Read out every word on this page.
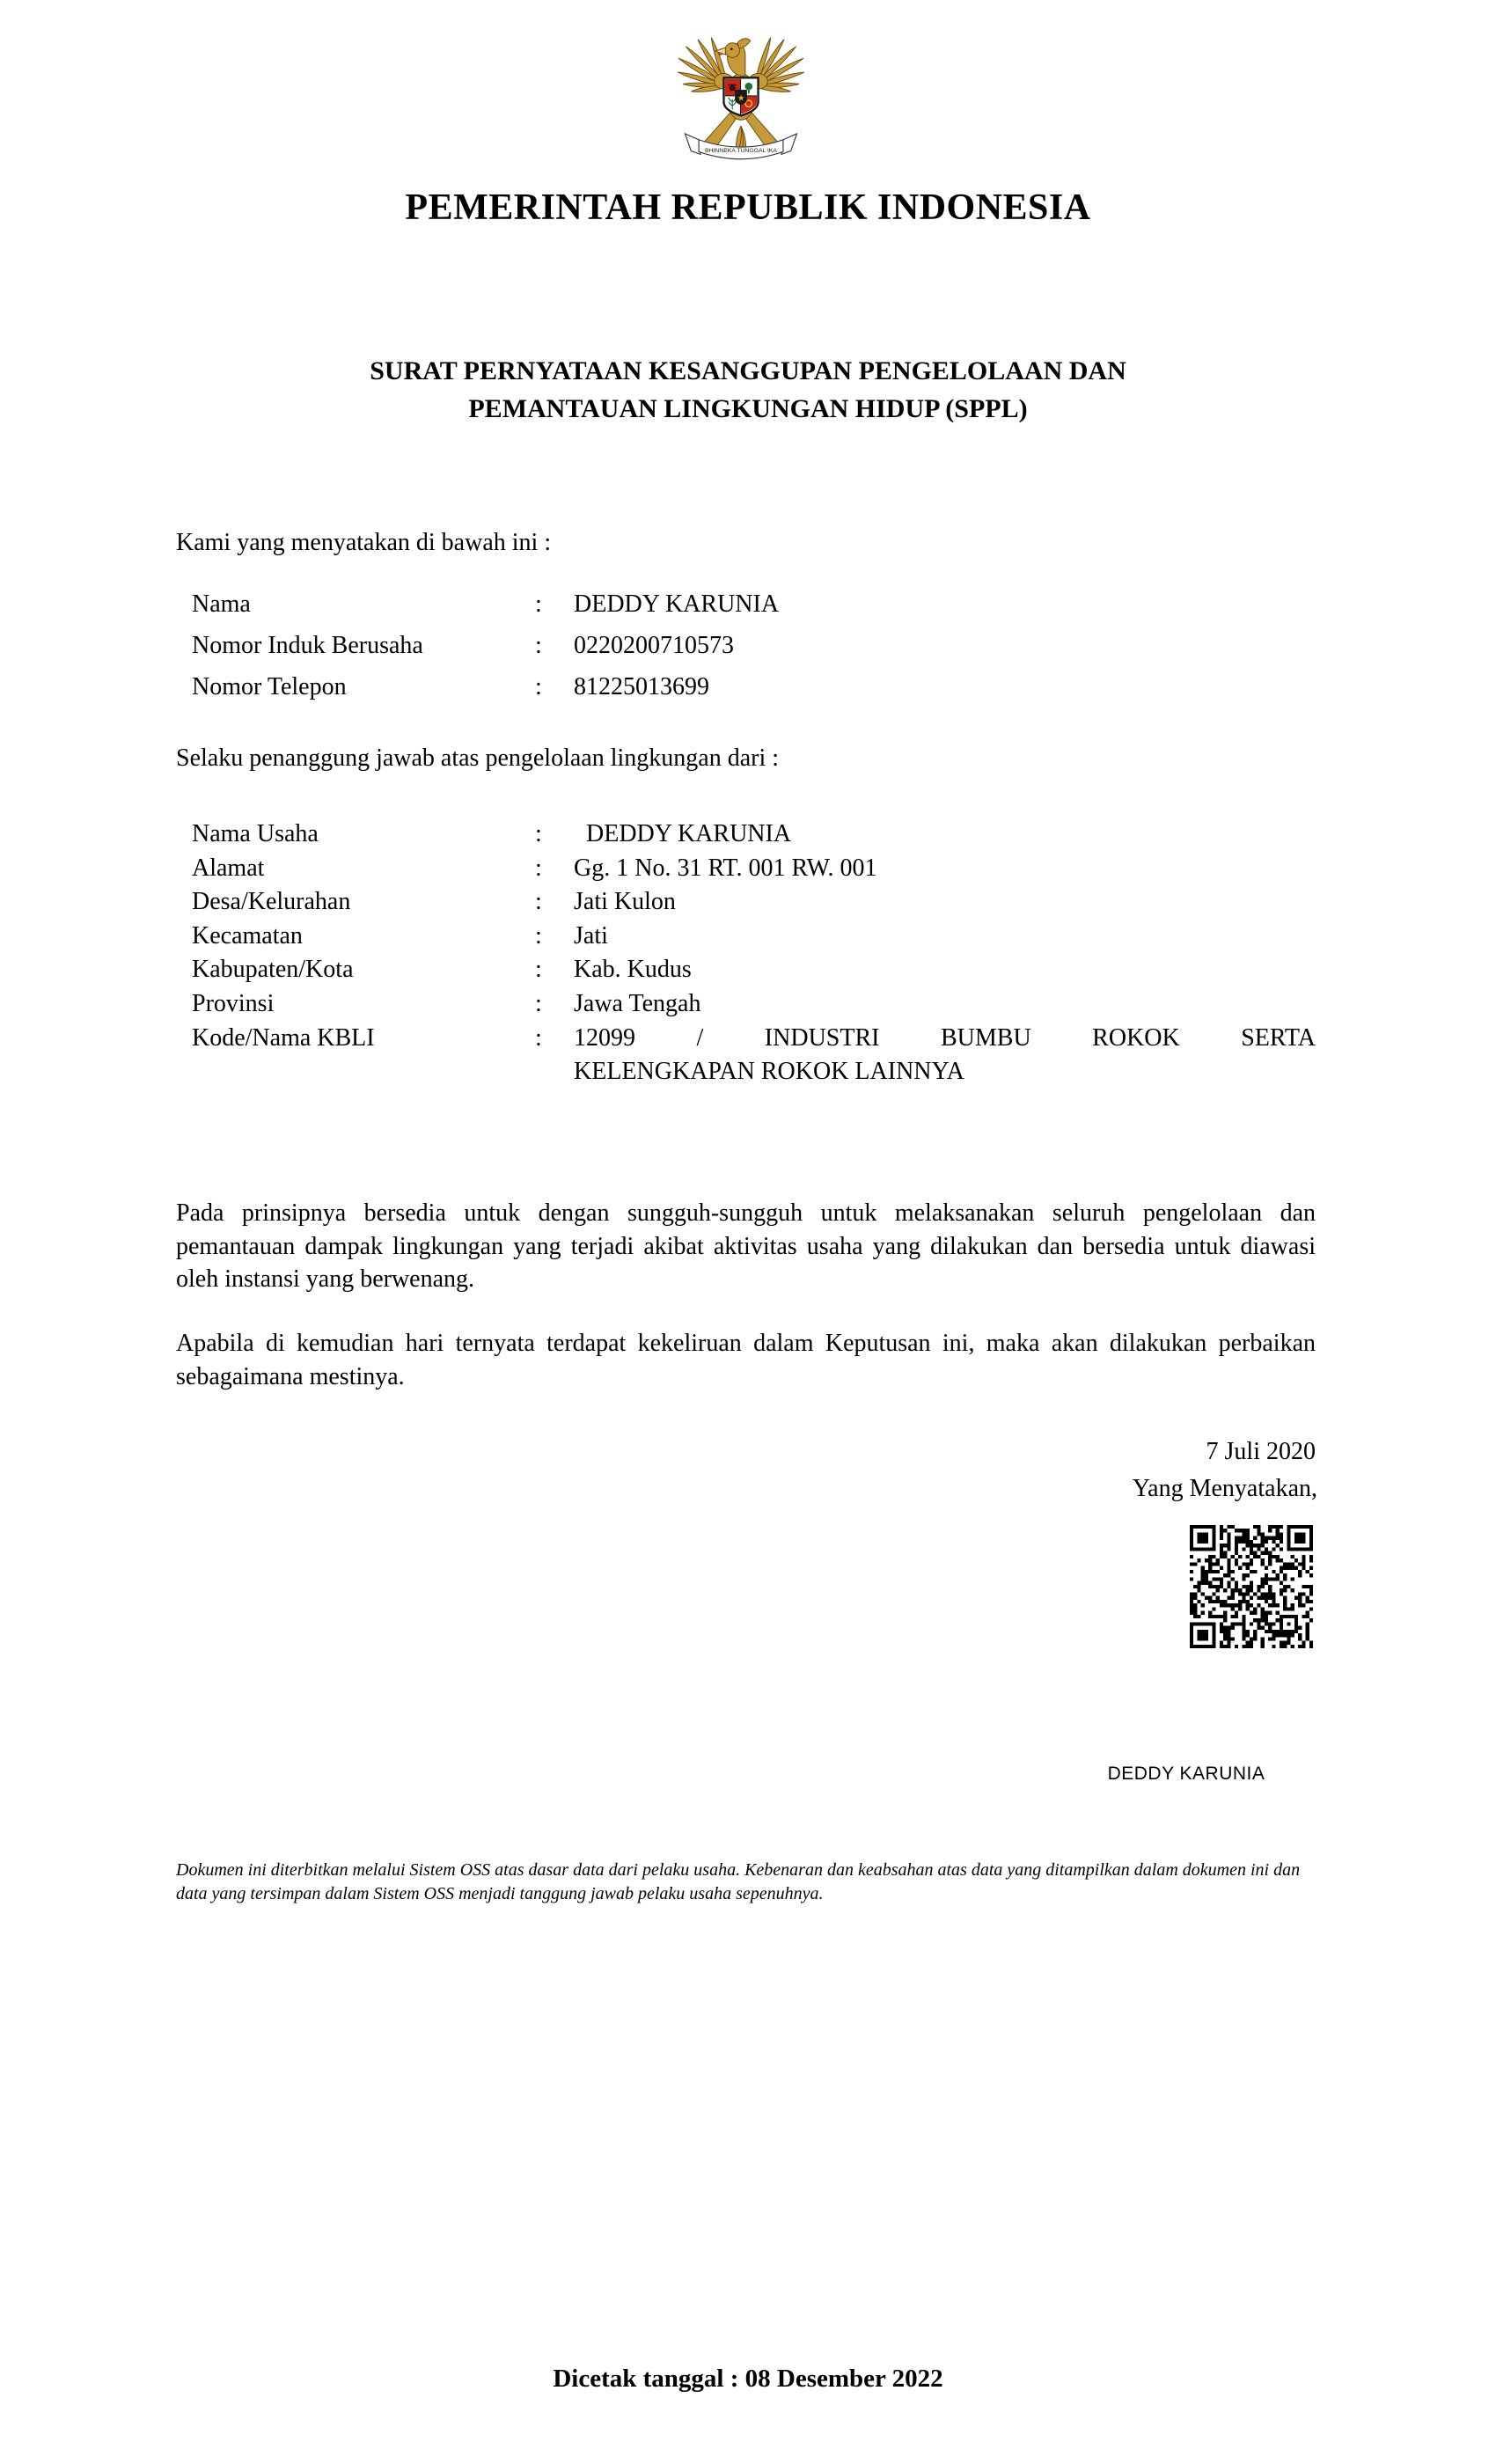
★
BHINNEKA TUNGGAL IKA
PEMERINTAH REPUBLIK INDONESIA
SURAT PERNYATAAN KESANGGUPAN PENGELOLAAN DAN
PEMANTAUAN LINGKUNGAN HIDUP (SPPL)
Kami yang menyatakan di bawah ini :
Nama	:	DEDDY KARUNIA
Nomor Induk Berusaha	:	0220200710573
Nomor Telepon	:	81225013699
Selaku penanggung jawab atas pengelolaan lingkungan dari :
Nama Usaha	:	DEDDY KARUNIA
Alamat	:	Gg. 1 No. 31 RT. 001 RW. 001
Desa/Kelurahan	:	Jati Kulon
Kecamatan	:	Jati
Kabupaten/Kota	:	Kab. Kudus
Provinsi	:	Jawa Tengah
Kode/Nama KBLI	:	12099 / INDUSTRI BUMBU ROKOK SERTA
KELENGKAPAN ROKOK LAINNYA
Pada prinsipnya bersedia untuk dengan sungguh-sungguh untuk melaksanakan seluruh pengelolaan dan pemantauan dampak lingkungan yang terjadi akibat aktivitas usaha yang dilakukan dan bersedia untuk diawasi oleh instansi yang berwenang.
Apabila di kemudian hari ternyata terdapat kekeliruan dalam Keputusan ini, maka akan dilakukan perbaikan sebagaimana mestinya.
7 Juli 2020
Yang Menyatakan,
DEDDY KARUNIA
Dokumen ini diterbitkan melalui Sistem OSS atas dasar data dari pelaku usaha. Kebenaran dan keabsahan atas data yang ditampilkan dalam dokumen ini dan data yang tersimpan dalam Sistem OSS menjadi tanggung jawab pelaku usaha sepenuhnya.
Dicetak tanggal : 08 Desember 2022
